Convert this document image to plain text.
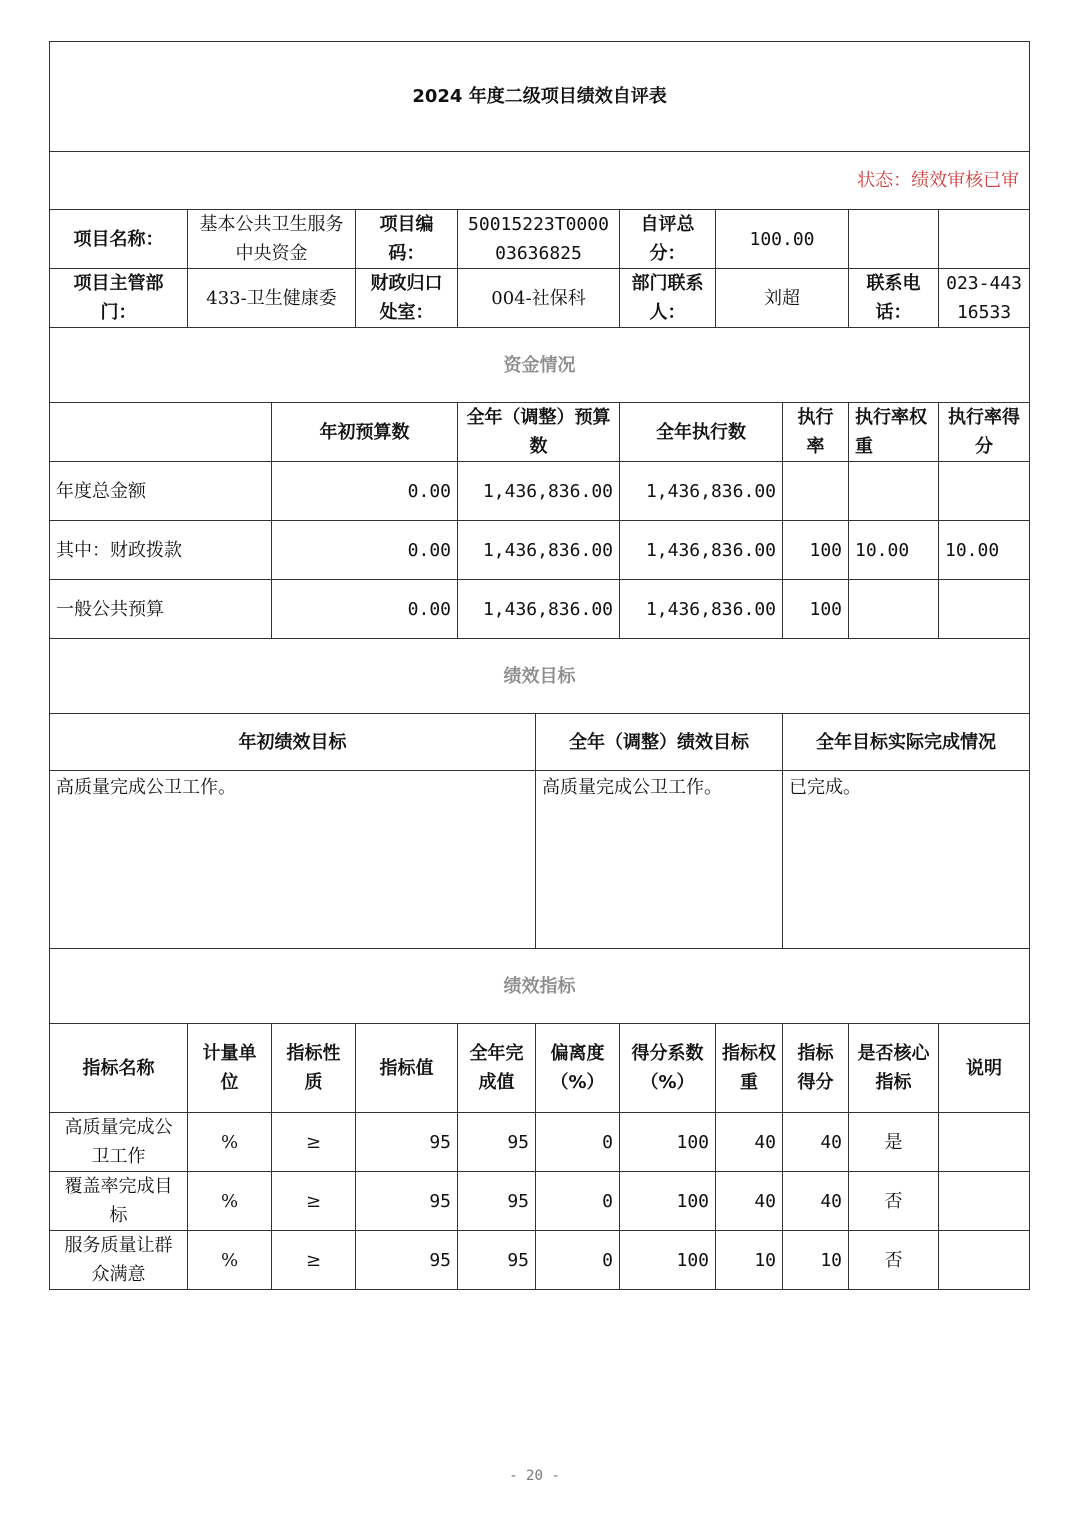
2024 年度二级项目绩效自评表										
状态：绩效审核已审										
项目名称：	基本公共卫生服务中央资金		项目编码：	50015223T000003636825		自评总分：	100.00			
项目主管部门：	433-卫生健康委		财政归口处室：	004-社保科		部门联系人：	刘超		联系电话：	023-44316533
资金情况										
		年初预算数		全年（调整）预算数		全年执行数		执行率	执行率权重	执行率得分
年度总金额		0.00		1,436,836.00		1,436,836.00				

其中：财政拨款		0.00		1,436,836.00		1,436,836.00		100	10.00	10.00

一般公共预算		0.00		1,436,836.00		1,436,836.00		100		
绩效目标										
年初绩效目标					全年（调整）绩效目标			全年目标实际完成情况		
高质量完成公卫工作。					高质量完成公卫工作。			已完成。		
绩效指标										
指标名称	计量单位	指标性质	指标值	全年完成值	偏离度（%）	得分系数（%）	指标权重	指标得分	是否核心指标	说明
高质量完成公卫工作	%	≥	95	95	0	100	40	40	是	
覆盖率完成目标	%	≥	95	95	0	100	40	40	否	
服务质量让群众满意	%	≥	95	95	0	100	10	10	否	
- 20 -
